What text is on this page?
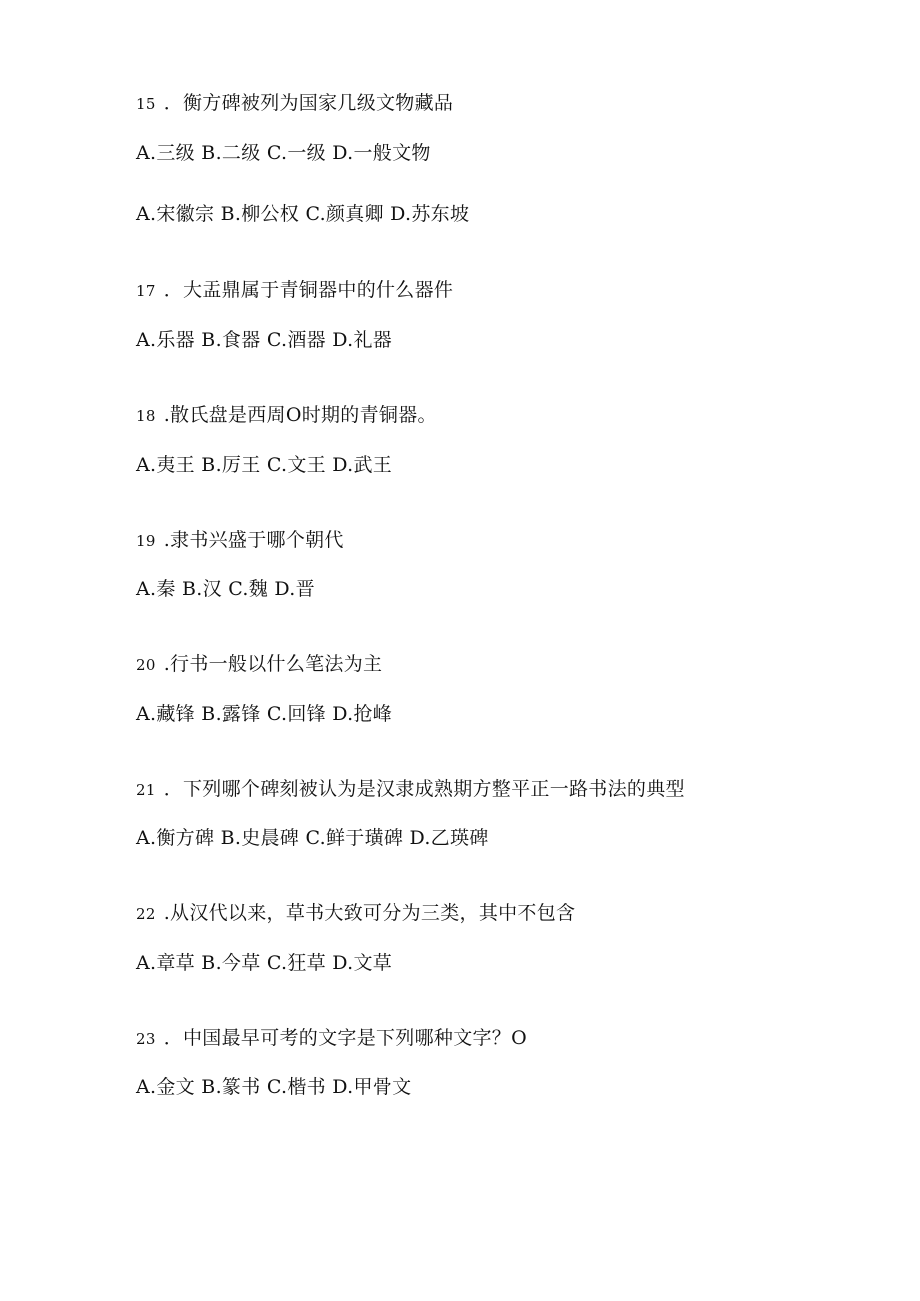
15 ．衡方碑被列为国家几级文物藏品
A.三级 B.二级 C.一级 D.一般文物
A.宋徽宗 B.柳公权 C.颜真卿 D.苏东坡
17 ．大盂鼎属于青铜器中的什么器件
A.乐器 B.食器 C.酒器 D.礼器
18 .散氏盘是西周O时期的青铜器。
A.夷王 B.厉王 C.文王 D.武王
19 .隶书兴盛于哪个朝代
A.秦 B.汉 C.魏 D.晋
20 .行书一般以什么笔法为主
A.藏锋 B.露锋 C.回锋 D.抢峰
21 ．下列哪个碑刻被认为是汉隶成熟期方整平正一路书法的典型
A.衡方碑 B.史晨碑 C.鲜于璜碑 D.乙瑛碑
22 .从汉代以来，草书大致可分为三类，其中不包含
A.章草 B.今草 C.狂草 D.文草
23 ．中国最早可考的文字是下列哪种文字？O
A.金文 B.篆书 C.楷书 D.甲骨文
